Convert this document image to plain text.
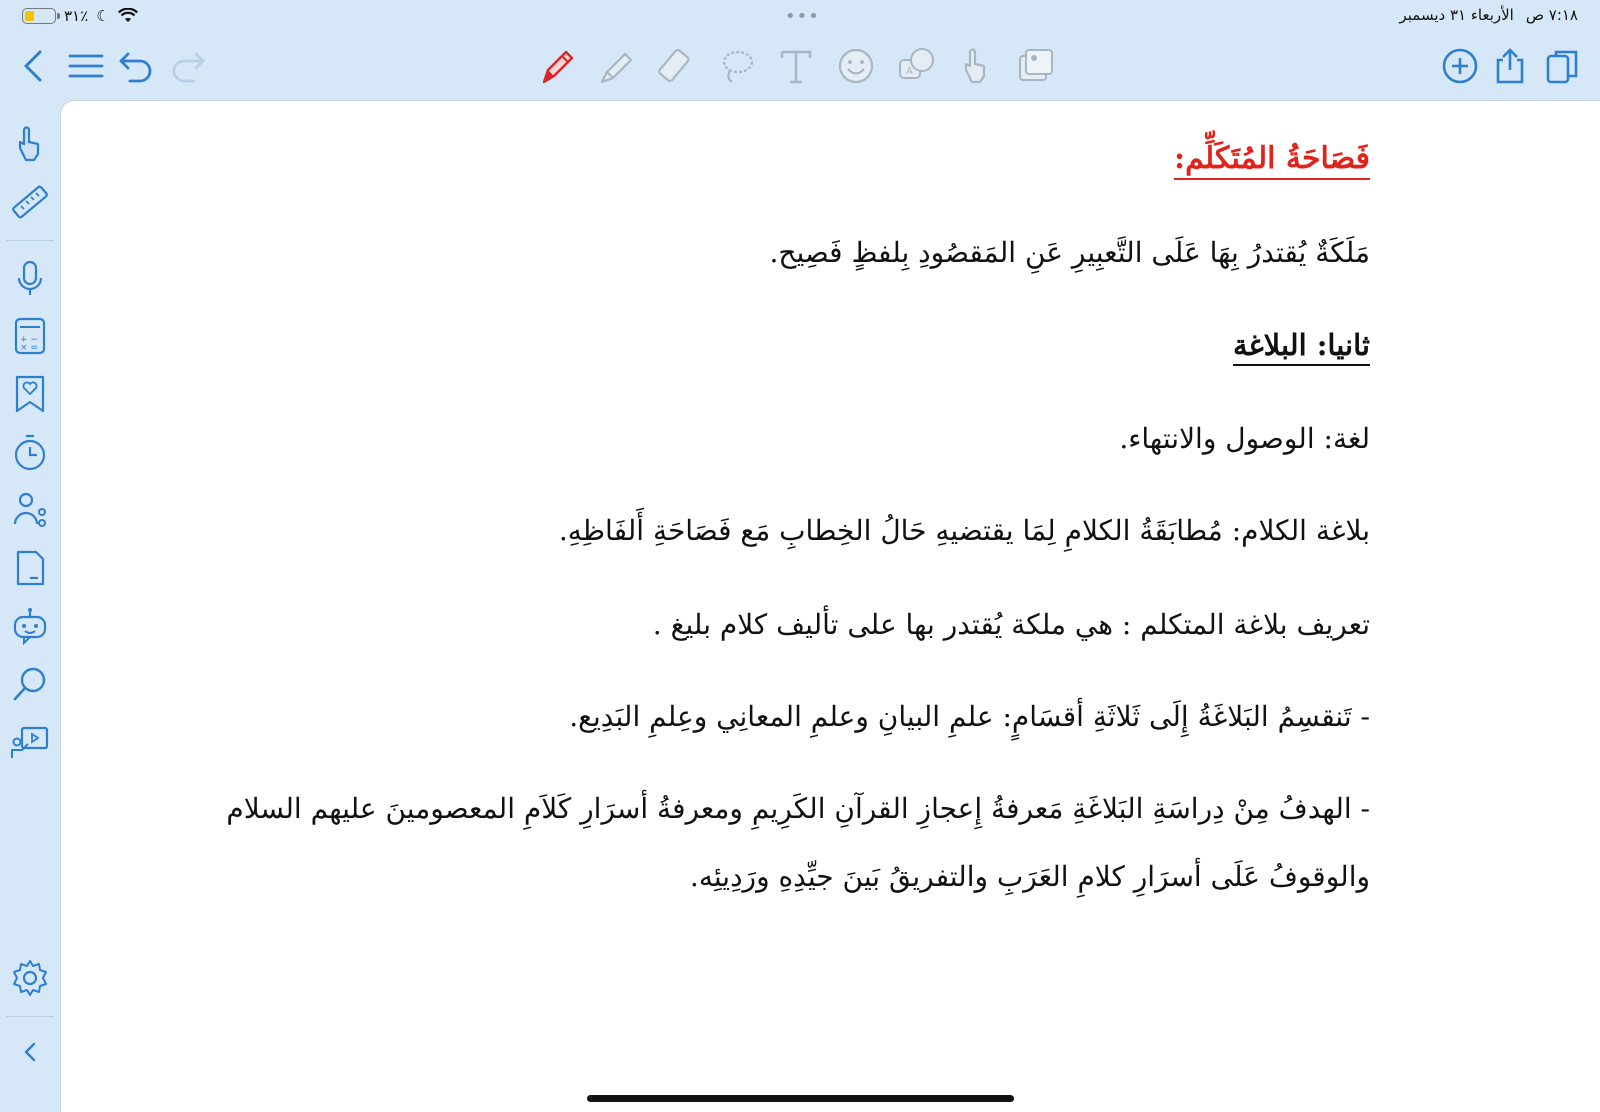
٣١٪ ☾	•••	٧:١٨ ص
الأربعاء ٣١ ديسمبر
A
+ −
× =
فَصَاحَةُ المُتَكَلِّم:
مَلَكَةٌ يُقتدرُ بِهَا عَلَى التَّعبِيرِ عَنِ المَقصُودِ بِلفظٍ فَصِيح.
ثانيا: البلاغة
لغة: الوصول والانتهاء.
بلاغة الكلام: مُطابَقَةُ الكلامِ لِمَا يقتضيهِ حَالُ الخِطابِ مَع فَصَاحَةِ أَلفَاظِهِ.
تعريف بلاغة المتكلم : هي ملكة يُقتدر بها على تأليف كلام بليغ .
- تَنقسِمُ البَلاغَةُ إِلَى ثَلاثَةِ أقسَامٍ: علمِ البيانِ وعلمِ المعانِي وعِلمِ البَدِيع.
- الهدفُ مِنْ دِراسَةِ البَلاغَةِ مَعرفةُ إِعجازِ القرآنِ الكَرِيمِ ومعرفةُ أسرَارِ كَلاَمِ المعصومينَ عليهم السلام
والوقوفُ عَلَى أسرَارِ كلامِ العَرَبِ والتفريقُ بَينَ جيِّدِهِ ورَدِيئِه.
